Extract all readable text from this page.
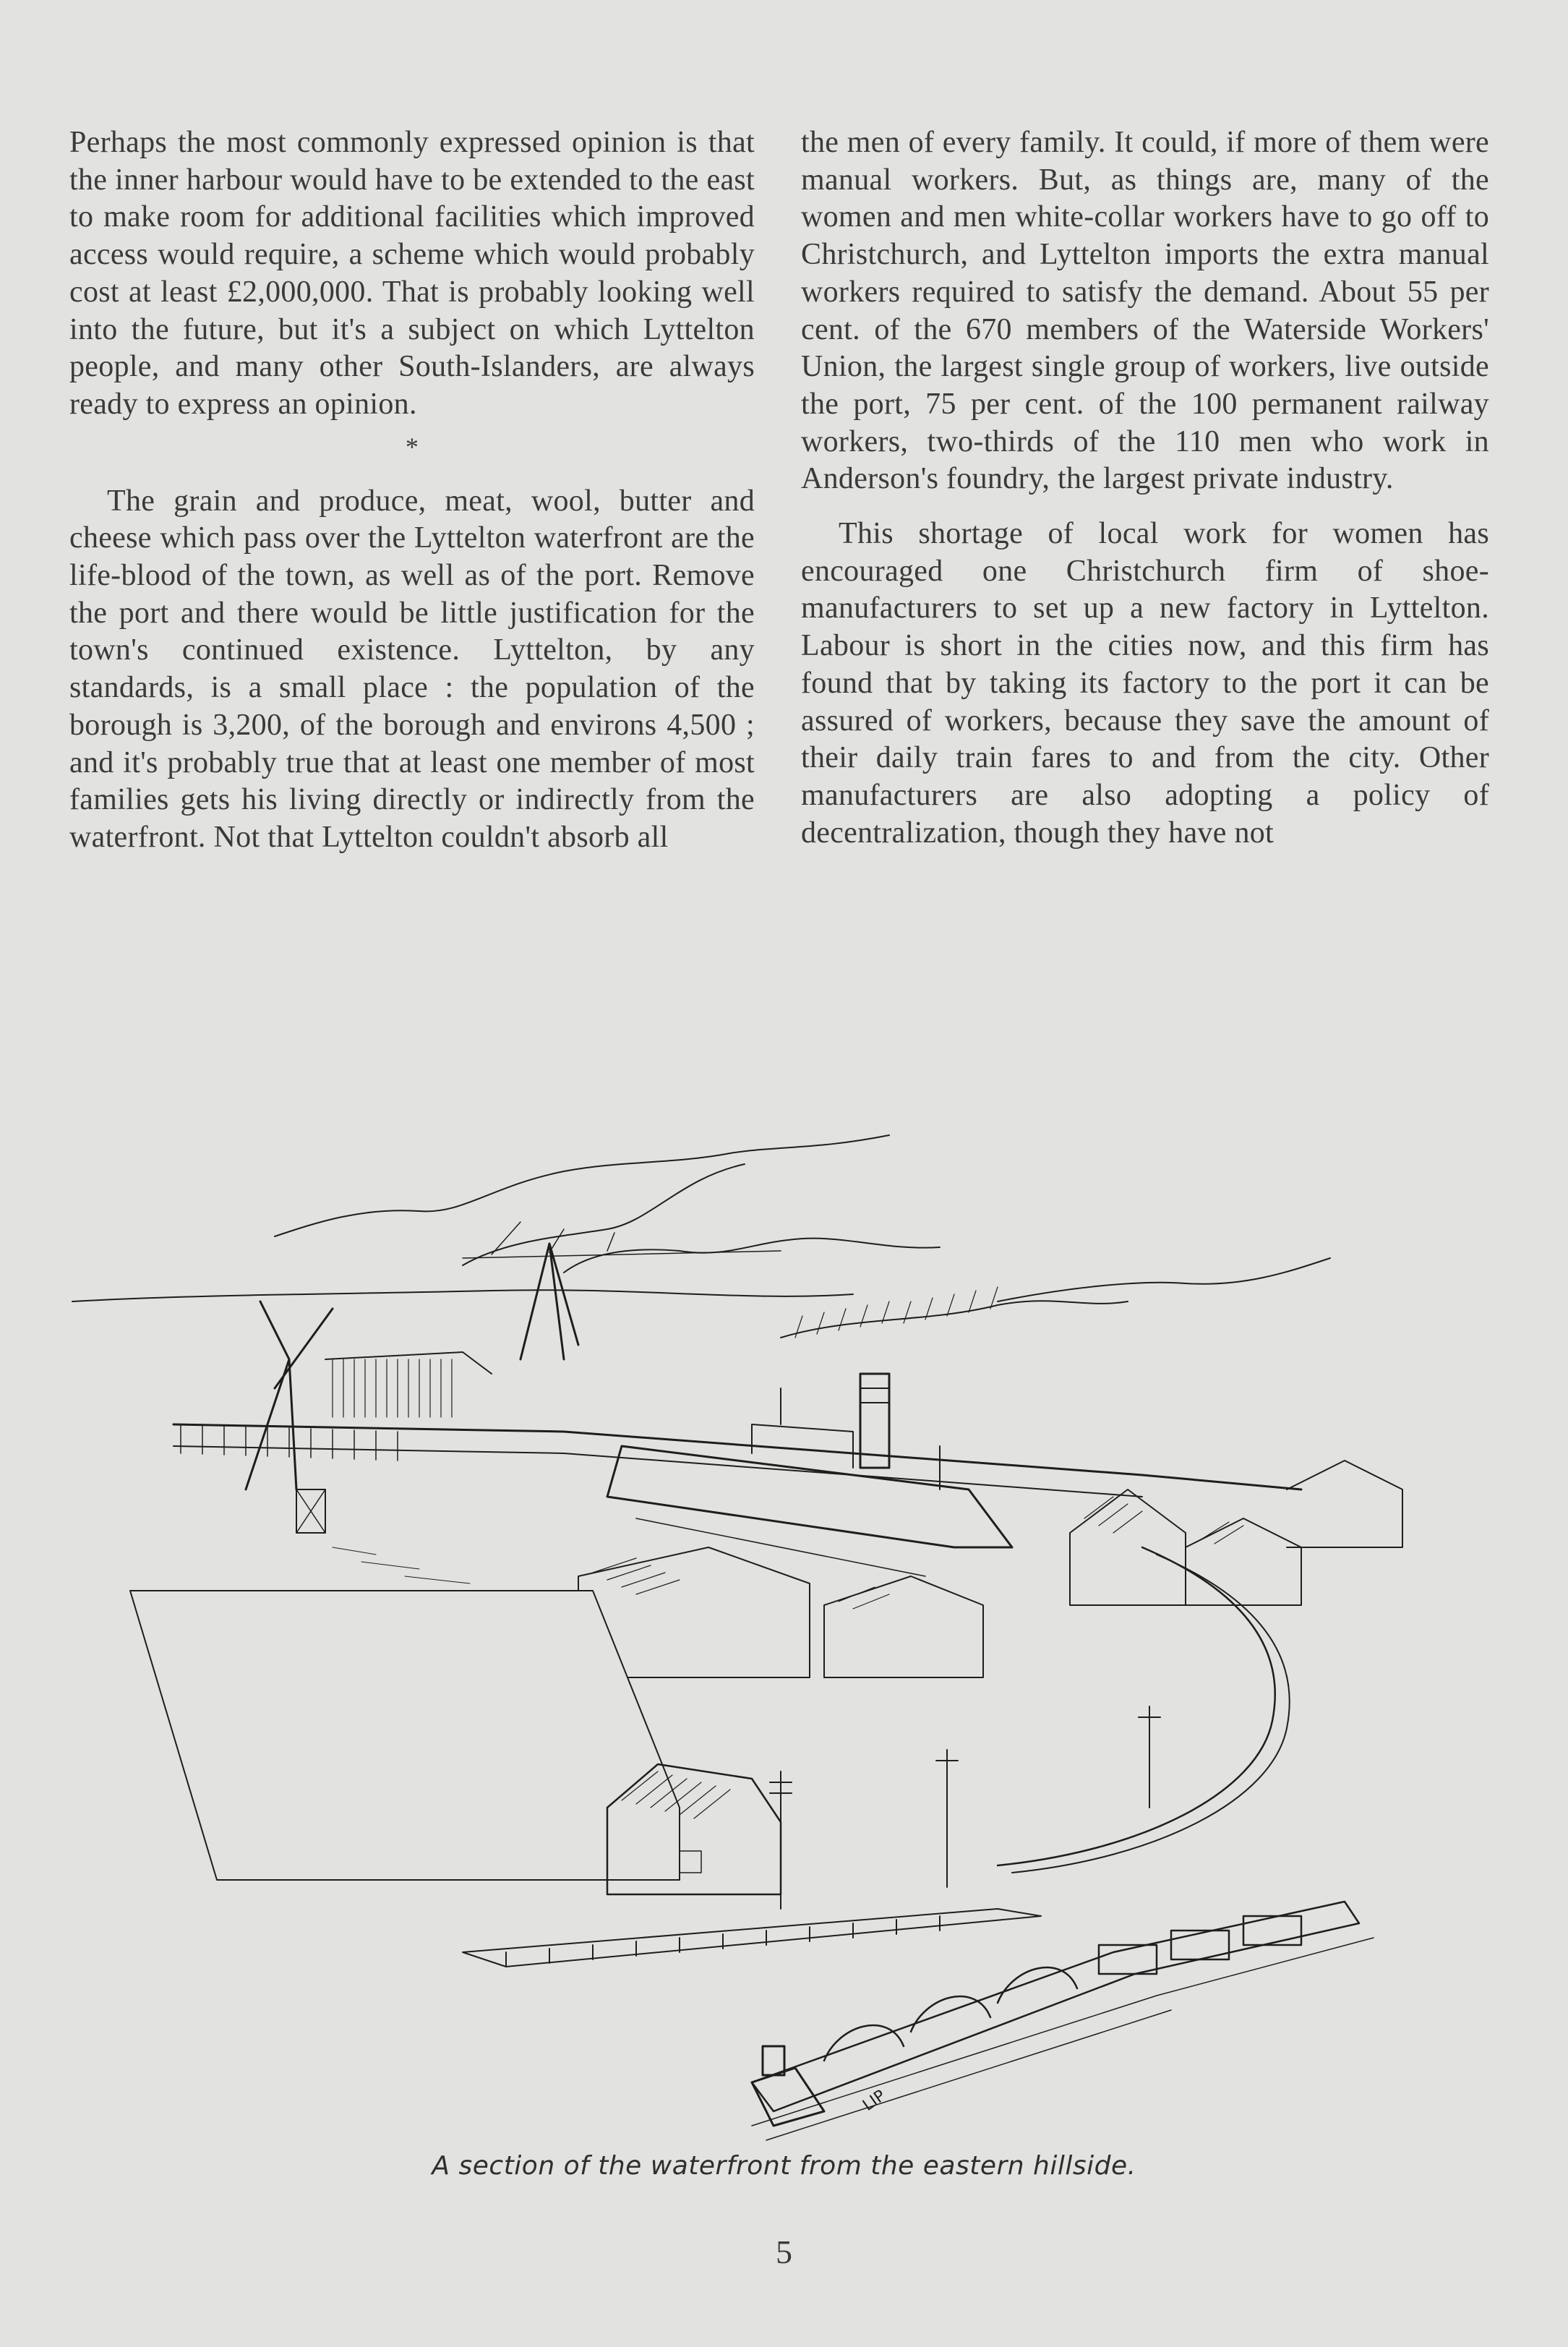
Perhaps the most commonly expressed opinion is that the inner harbour would have to be extended to the east to make room for additional facilities which improved access would require, a scheme which would probably cost at least £2,000,000. That is probably looking well into the future, but it's a subject on which Lyttelton people, and many other South-Islanders, are always ready to express an opinion.

*

The grain and produce, meat, wool, butter and cheese which pass over the Lyttelton waterfront are the life-blood of the town, as well as of the port. Remove the port and there would be little justification for the town's continued existence. Lyttelton, by any standards, is a small place : the population of the borough is 3,200, of the borough and environs 4,500 ; and it's probably true that at least one member of most families gets his living directly or indirectly from the waterfront. Not that Lyttelton couldn't absorb all

the men of every family. It could, if more of them were manual workers. But, as things are, many of the women and men white-collar workers have to go off to Christchurch, and Lyttelton imports the extra manual workers required to satisfy the demand. About 55 per cent. of the 670 members of the Waterside Workers' Union, the largest single group of workers, live outside the port, 75 per cent. of the 100 permanent railway workers, two-thirds of the 110 men who work in Anderson's foundry, the largest private industry.

This shortage of local work for women has encouraged one Christchurch firm of shoe-manufacturers to set up a new factory in Lyttelton. Labour is short in the cities now, and this firm has found that by taking its factory to the port it can be assured of workers, because they save the amount of their daily train fares to and from the city. Other manufacturers are also adopting a policy of decentralization, though they have not

LIP
A section of the waterfront from the eastern hillside.
5
